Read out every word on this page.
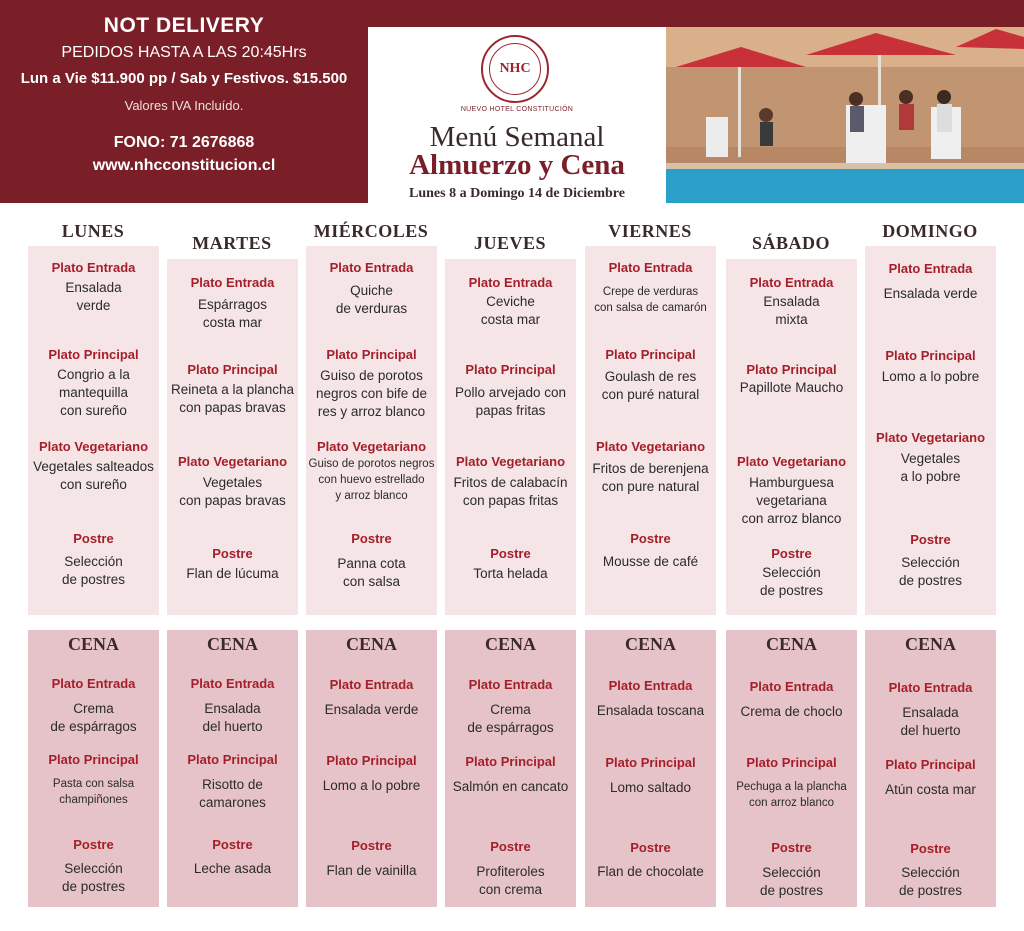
NOT DELIVERY
PEDIDOS HASTA A LAS 20:45Hrs
Lun a Vie $11.900 pp / Sab y Festivos. $15.500
Valores IVA Incluído.
FONO: 71 2676868
www.nhcconstitucion.cl
NHC
NUEVO HOTEL CONSTITUCIÓN
Menú Semanal
Almuerzo y Cena
Lunes 8 a Domingo 14 de Diciembre
LUNES
Plato Entrada
Ensalada
verde
Plato Principal
Congrio a la
mantequilla
con sureño
Plato Vegetariano
Vegetales salteados
con sureño
Postre
Selección
de postres
CENA
Plato Entrada
Crema
de espárragos
Plato Principal
Pasta con salsa
champiñones
Postre
Selección
de postres
MARTES
Plato Entrada
Espárragos
costa mar
Plato Principal
Reineta a la plancha
con papas bravas
Plato Vegetariano
Vegetales
con papas bravas
Postre
Flan de lúcuma
CENA
Plato Entrada
Ensalada
del huerto
Plato Principal
Risotto de
camarones
Postre
Leche asada
MIÉRCOLES
Plato Entrada
Quiche
de verduras
Plato Principal
Guiso de porotos
negros con bife de
res y arroz blanco
Plato Vegetariano
Guiso de porotos negros
con huevo estrellado
y arroz blanco
Postre
Panna cota
con salsa
CENA
Plato Entrada
Ensalada verde
Plato Principal
Lomo a lo pobre
Postre
Flan de vainilla
JUEVES
Plato Entrada
Ceviche
costa mar
Plato Principal
Pollo arvejado con
papas fritas
Plato Vegetariano
Fritos de calabacín
con papas fritas
Postre
Torta helada
CENA
Plato Entrada
Crema
de espárragos
Plato Principal
Salmón en cancato
Postre
Profiteroles
con crema
VIERNES
Plato Entrada
Crepe de verduras
con salsa de camarón
Plato Principal
Goulash de res
con puré natural
Plato Vegetariano
Fritos de berenjena
con pure natural
Postre
Mousse de café
CENA
Plato Entrada
Ensalada toscana
Plato Principal
Lomo saltado
Postre
Flan de chocolate
SÁBADO
Plato Entrada
Ensalada
mixta
Plato Principal
Papillote Maucho
Plato Vegetariano
Hamburguesa
vegetariana
con arroz blanco
Postre
Selección
de postres
CENA
Plato Entrada
Crema de choclo
Plato Principal
Pechuga a la plancha
con arroz blanco
Postre
Selección
de postres
DOMINGO
Plato Entrada
Ensalada verde
Plato Principal
Lomo a lo pobre
Plato Vegetariano
Vegetales
a lo pobre
Postre
Selección
de postres
CENA
Plato Entrada
Ensalada
del huerto
Plato Principal
Atún costa mar
Postre
Selección
de postres
